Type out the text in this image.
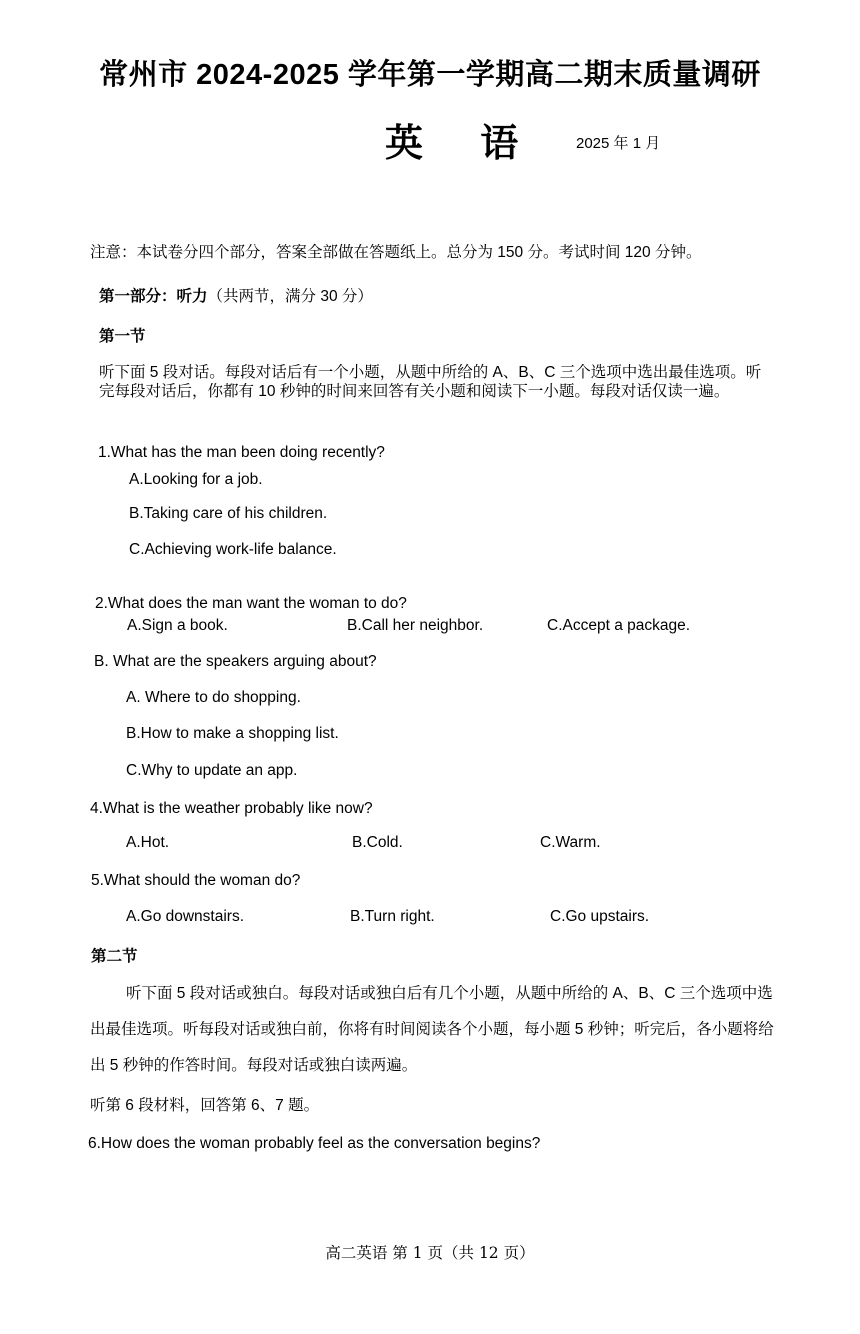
常州市 2024-2025 学年第一学期高二期末质量调研
英 语 2025 年 1 月
注意：本试卷分四个部分，答案全部做在答题纸上。总分为 150 分。考试时间 120 分钟。
第一部分：听力（共两节，满分 30 分）
第一节
听下面 5 段对话。每段对话后有一个小题，从题中所给的 A、B、C 三个选项中选出最佳选项。听完每段对话后，你都有 10 秒钟的时间来回答有关小题和阅读下一小题。每段对话仅读一遍。
1.What has the man been doing recently?
A.Looking for a job.
B.Taking care of his children.
C.Achieving work-life balance.
2.What does the man want the woman to do?
A.Sign a book.	B.Call her neighbor.	C.Accept a package.
B. What are the speakers arguing about?
A. Where to do shopping.
B.How to make a shopping list.
C.Why to update an app.
4.What is the weather probably like now?
A.Hot.	B.Cold.	C.Warm.
5.What should the woman do?
A.Go downstairs.	B.Turn right.	C.Go upstairs.
第二节
听下面 5 段对话或独白。每段对话或独白后有几个小题，从题中所给的 A、B、C 三个选项中选出最佳选项。听每段对话或独白前，你将有时间阅读各个小题，每小题 5 秒钟；听完后，各小题将给出 5 秒钟的作答时间。每段对话或独白读两遍。
听第 6 段材料，回答第 6、7 题。
6.How does the woman probably feel as the conversation begins?
高二英语 第 1 页（共 12 页）
